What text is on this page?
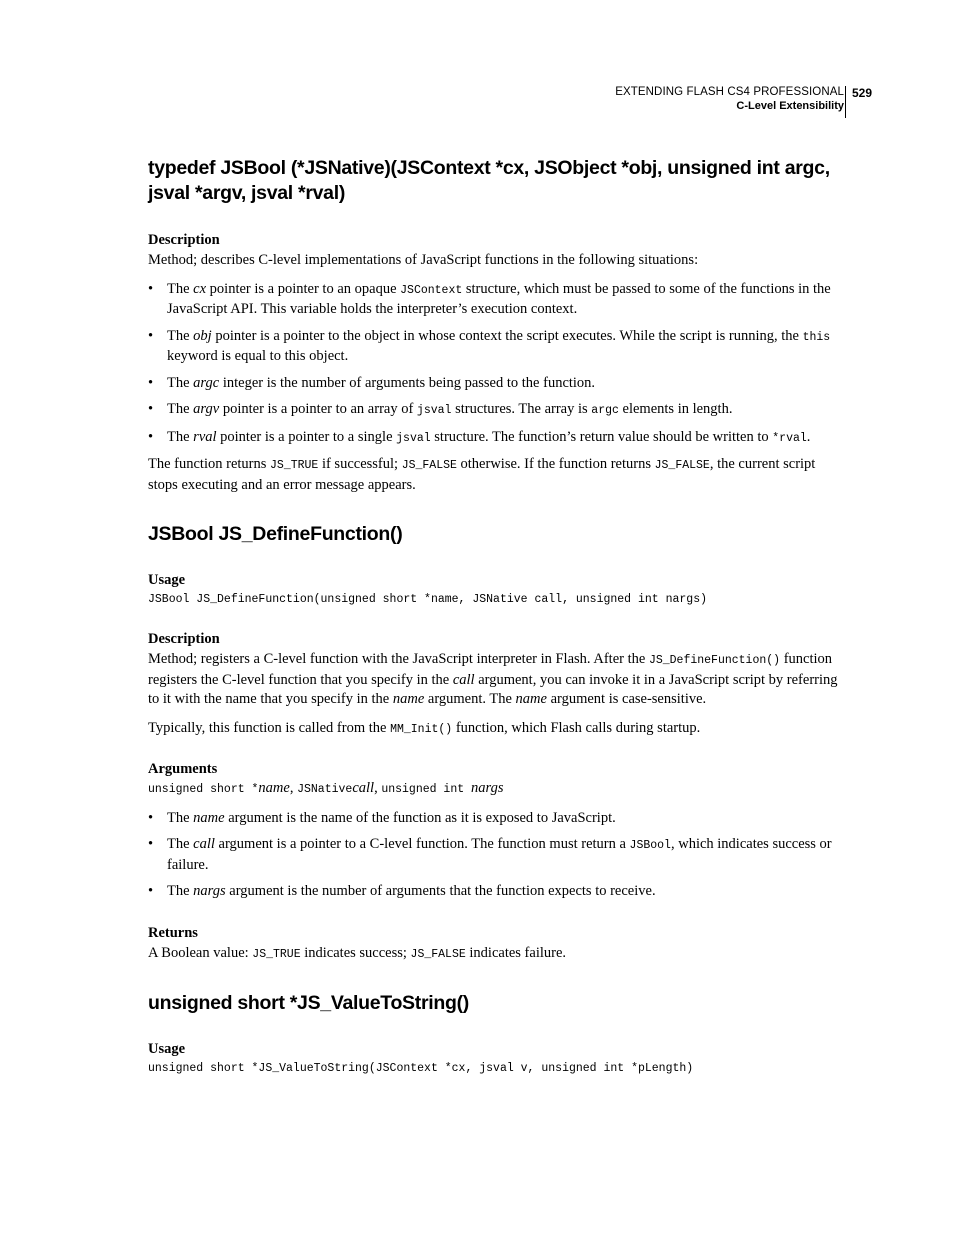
EXTENDING FLASH CS4 PROFESSIONAL
C-Level Extensibility
529
typedef JSBool (*JSNative)(JSContext *cx, JSObject *obj, unsigned int argc,
jsval *argv, jsval *rval)
Description

Method; describes C-level implementations of JavaScript functions in the following situations:

• The cx pointer is a pointer to an opaque JSContext structure, which must be passed to some of the functions in the JavaScript API. This variable holds the interpreter’s execution context.
• The obj pointer is a pointer to the object in whose context the script executes. While the script is running, the this keyword is equal to this object.
• The argc integer is the number of arguments being passed to the function.
• The argv pointer is a pointer to an array of jsval structures. The array is argc elements in length.
• The rval pointer is a pointer to a single jsval structure. The function’s return value should be written to *rval.

The function returns JS_TRUE if successful; JS_FALSE otherwise. If the function returns JS_FALSE, the current script stops executing and an error message appears.

JSBool JS_DefineFunction()
Usage
JSBool JS_DefineFunction(unsigned short *name, JSNative call, unsigned int nargs)
Description

Method; registers a C-level function with the JavaScript interpreter in Flash. After the JS_DefineFunction() function registers the C-level function that you specify in the call argument, you can invoke it in a JavaScript script by referring to it with the name that you specify in the name argument. The name argument is case-sensitive.

Typically, this function is called from the MM_Init() function, which Flash calls during startup.

Arguments

unsigned short *name, JSNativecall, unsigned int nargs

• The name argument is the name of the function as it is exposed to JavaScript.
• The call argument is a pointer to a C-level function. The function must return a JSBool, which indicates success or failure.
• The nargs argument is the number of arguments that the function expects to receive.
Returns

A Boolean value: JS_TRUE indicates success; JS_FALSE indicates failure.

unsigned short *JS_ValueToString()
Usage
unsigned short *JS_ValueToString(JSContext *cx, jsval v, unsigned int *pLength)
